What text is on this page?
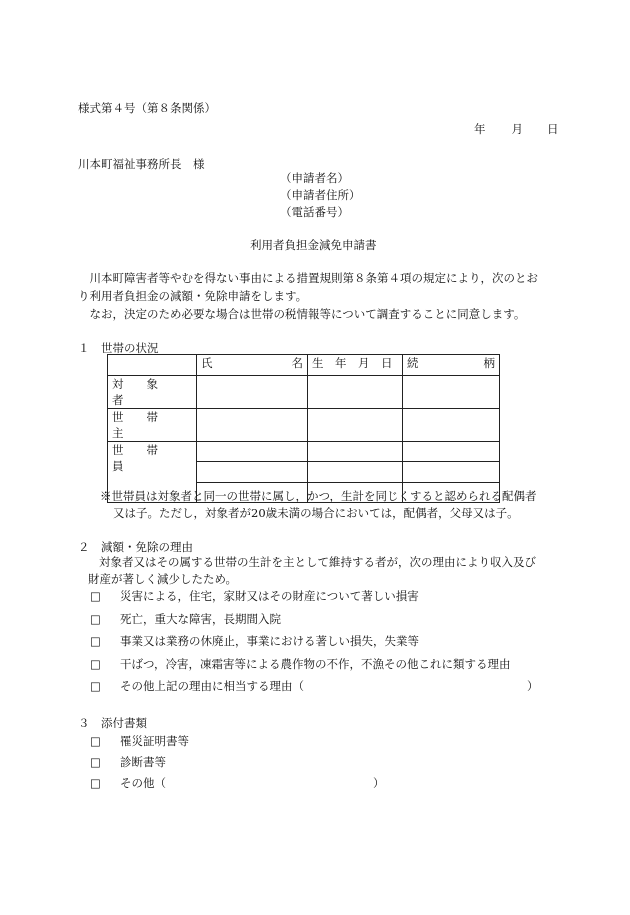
様式第４号（第８条関係）
年 月 日
川本町福祉事務所長　様
（申請者名）
（申請者住所）
（電話番号）
利用者負担金減免申請書
　川本町障害者等やむを得ない事由による措置規則第８条第４項の規定により，次のとお
り利用者負担金の減額・免除申請をします。
　なお，決定のため必要な場合は世帯の税情報等について調査することに同意します。
１　世帯の状況

	氏 名	生　年　月　日	続 柄

対　　象　　者			
世　　帯　　主			
世　　帯　　員			

※世帯員は対象者と同一の世帯に属し，かつ，生計を同じくすると認められる配偶者
又は子。ただし，対象者が20歳未満の場合においては，配偶者，父母又は子。
２　減額・免除の理由
対象者又はその属する世帯の生計を主として維持する者が，次の理由により収入及び
財産が著しく減少したため。
□ 災害による，住宅，家財又はその財産について著しい損害
□ 死亡，重大な障害，長期間入院
□ 事業又は業務の休廃止，事業における著しい損失，失業等
□ 干ばつ，冷害，凍霜害等による農作物の不作，不漁その他これに類する理由
□ その他上記の理由に相当する理由（	）
３　添付書類
□ 罹災証明書等
□ 診断書等
□ その他（	）
